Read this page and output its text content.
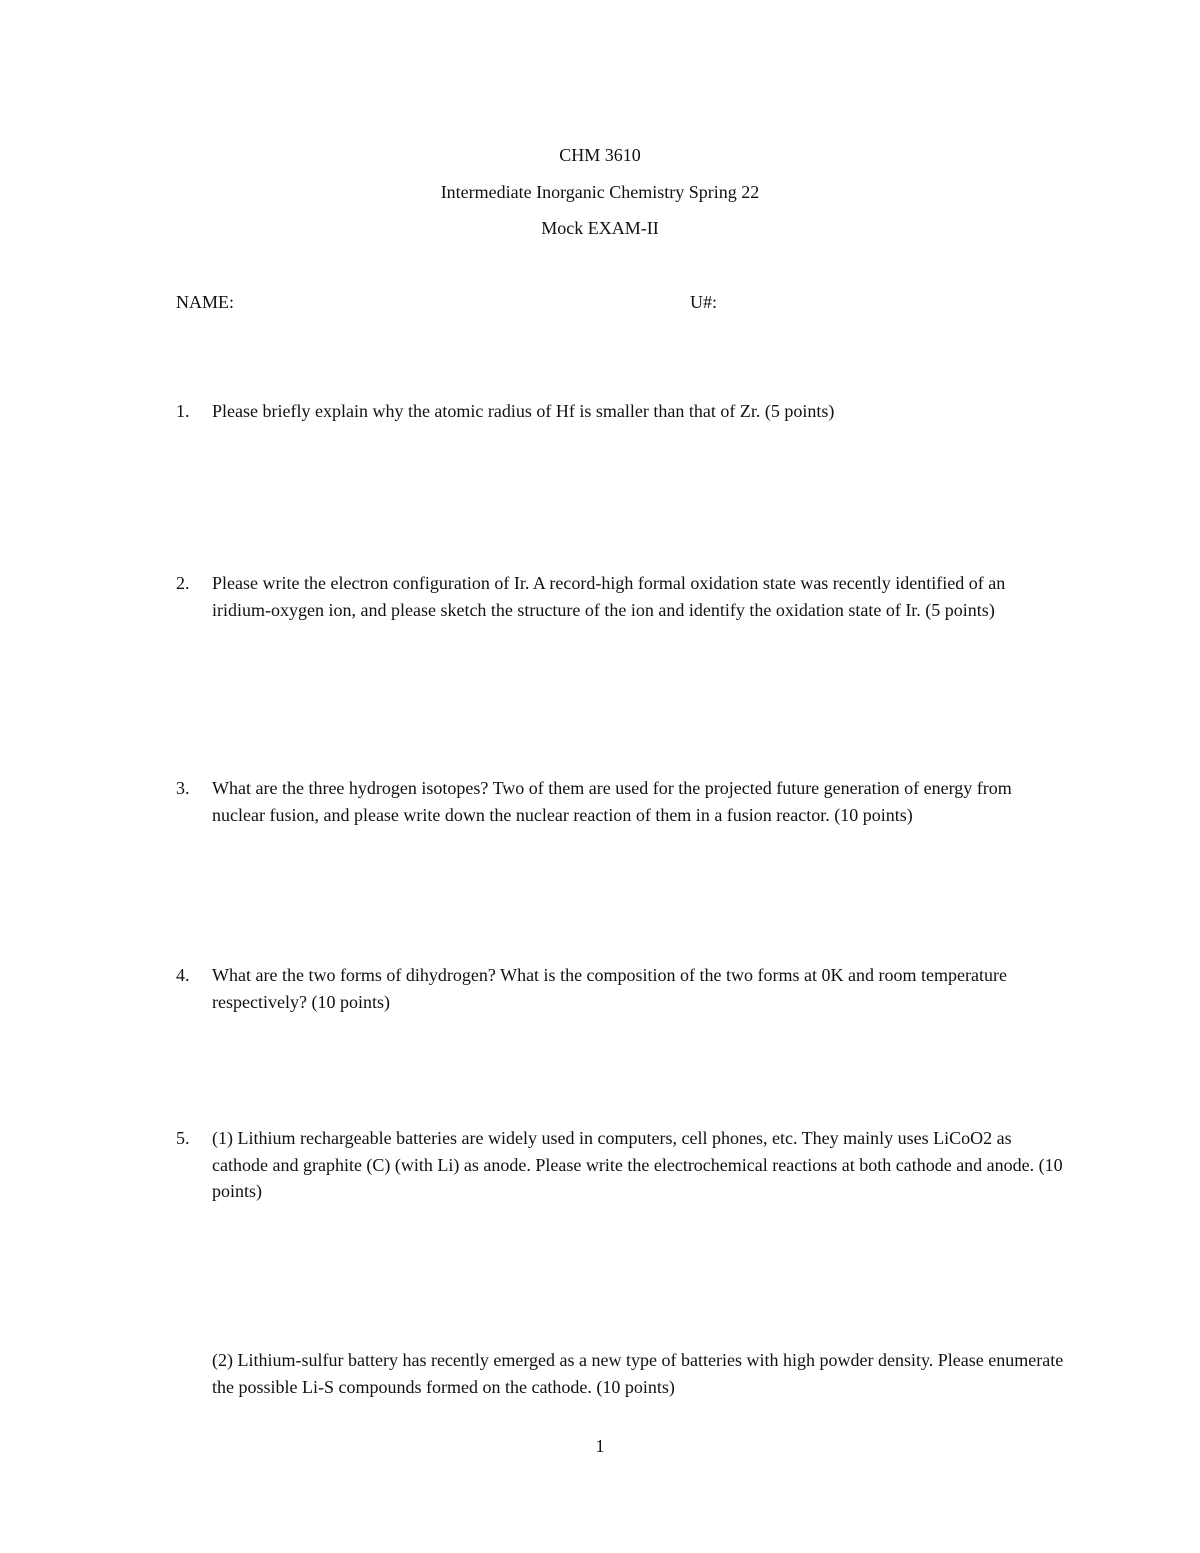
CHM 3610
Intermediate Inorganic Chemistry Spring 22
Mock EXAM-II
NAME:	U#:
1. Please briefly explain why the atomic radius of Hf is smaller than that of Zr. (5 points)
2. Please write the electron configuration of Ir. A record-high formal oxidation state was recently identified of an iridium-oxygen ion, and please sketch the structure of the ion and identify the oxidation state of Ir. (5 points)
3. What are the three hydrogen isotopes? Two of them are used for the projected future generation of energy from nuclear fusion, and please write down the nuclear reaction of them in a fusion reactor. (10 points)
4. What are the two forms of dihydrogen? What is the composition of the two forms at 0K and room temperature respectively? (10 points)
5. (1) Lithium rechargeable batteries are widely used in computers, cell phones, etc. They mainly uses LiCoO2 as cathode and graphite (C) (with Li) as anode. Please write the electrochemical reactions at both cathode and anode. (10 points)
(2) Lithium-sulfur battery has recently emerged as a new type of batteries with high powder density. Please enumerate the possible Li-S compounds formed on the cathode. (10 points)
1
